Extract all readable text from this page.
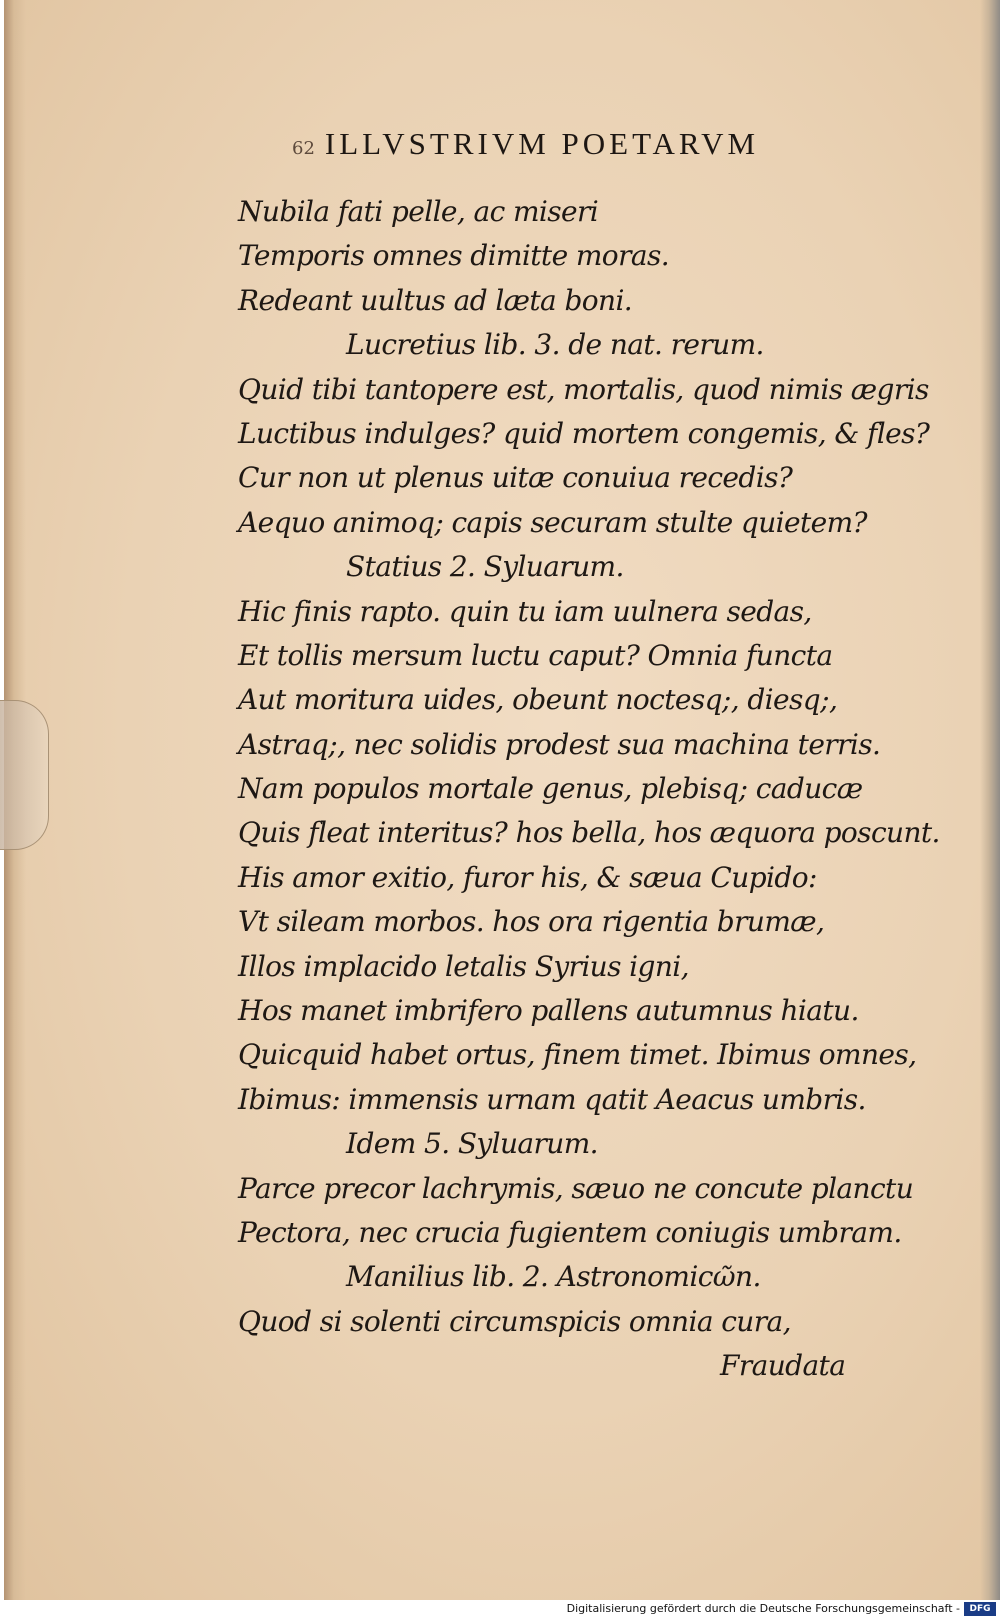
62 ILLVSTRIVM POETARVM
Nubila fati pelle, ac miseri
Temporis omnes dimitte moras.
Redeant uultus ad læta boni.
Lucretius lib. 3. de nat. rerum.
Quid tibi tantopere est, mortalis, quod nimis ægris
Luctibus indulges? quid mortem congemis, & fles?
Cur non ut plenus uitæ conuiua recedis?
Aequo animoq; capis securam stulte quietem?
Statius 2. Syluarum.
Hic finis rapto. quin tu iam uulnera sedas,
Et tollis mersum luctu caput? Omnia functa
Aut moritura uides, obeunt noctesq;, diesq;,
Astraq;, nec solidis prodest sua machina terris.
Nam populos mortale genus, plebisq; caducæ
Quis fleat interitus? hos bella, hos æquora poscunt.
His amor exitio, furor his, & sæua Cupido:
Vt sileam morbos. hos ora rigentia brumæ,
Illos implacido letalis Syrius igni,
Hos manet imbrifero pallens autumnus hiatu.
Quicquid habet ortus, finem timet. Ibimus omnes,
Ibimus: immensis urnam qatit Aeacus umbris.
Idem 5. Syluarum.
Parce precor lachrymis, sæuo ne concute planctu
Pectora, nec crucia fugientem coniugis umbram.
Manilius lib. 2. Astronomicῶn.
Quod si solenti circumspicis omnia cura,
Fraudata
Digitalisierung gefördert durch die Deutsche Forschungsgemeinschaft -	DFG
